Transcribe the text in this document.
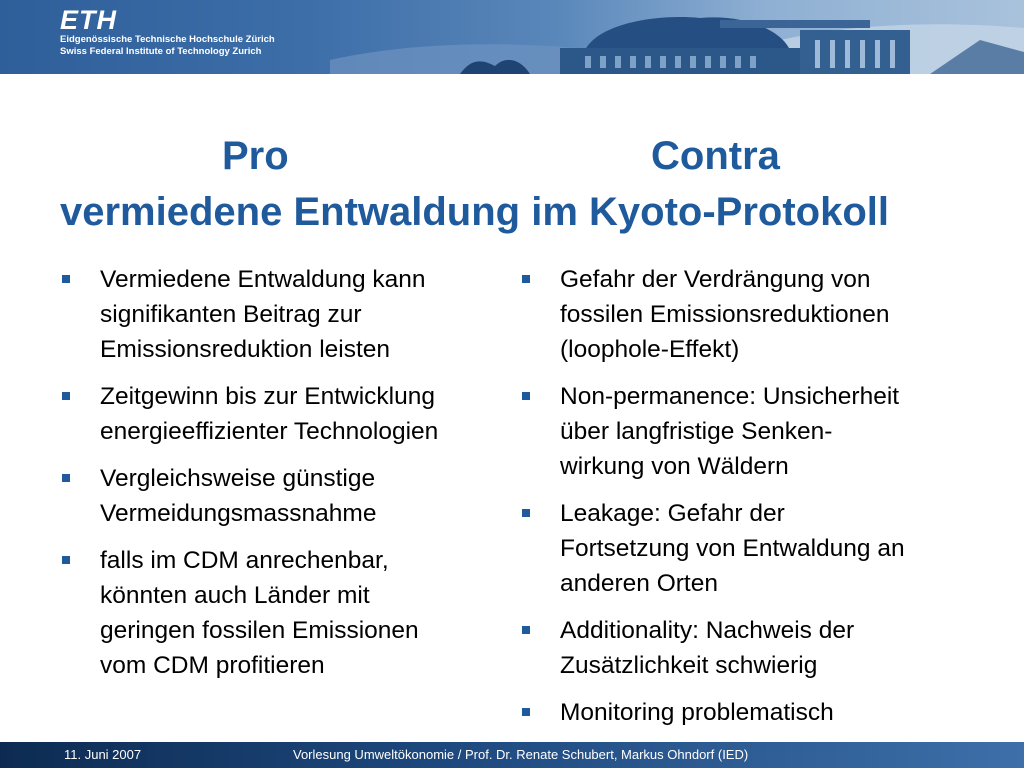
ETH
Eidgenössische Technische Hochschule Zürich
Swiss Federal Institute of Technology Zurich
Pro	Contra
vermiedene Entwaldung im Kyoto-Protokoll
Vermiedene Entwaldung kann
signifikanten Beitrag zur
Emissionsreduktion leisten
Zeitgewinn bis zur Entwicklung
energieeffizienter Technologien
Vergleichsweise günstige
Vermeidungsmassnahme
falls im CDM anrechenbar,
könnten auch Länder mit
geringen fossilen Emissionen
vom CDM profitieren
Gefahr der Verdrängung von
fossilen Emissionsreduktionen
(loophole-Effekt)
Non-permanence: Unsicherheit
über langfristige Senken-
wirkung von Wäldern
Leakage: Gefahr der
Fortsetzung von Entwaldung an
anderen Orten
Additionality: Nachweis der
Zusätzlichkeit schwierig
Monitoring problematisch
11. Juni 2007	Vorlesung Umweltökonomie / Prof. Dr. Renate Schubert, Markus Ohndorf (IED)
